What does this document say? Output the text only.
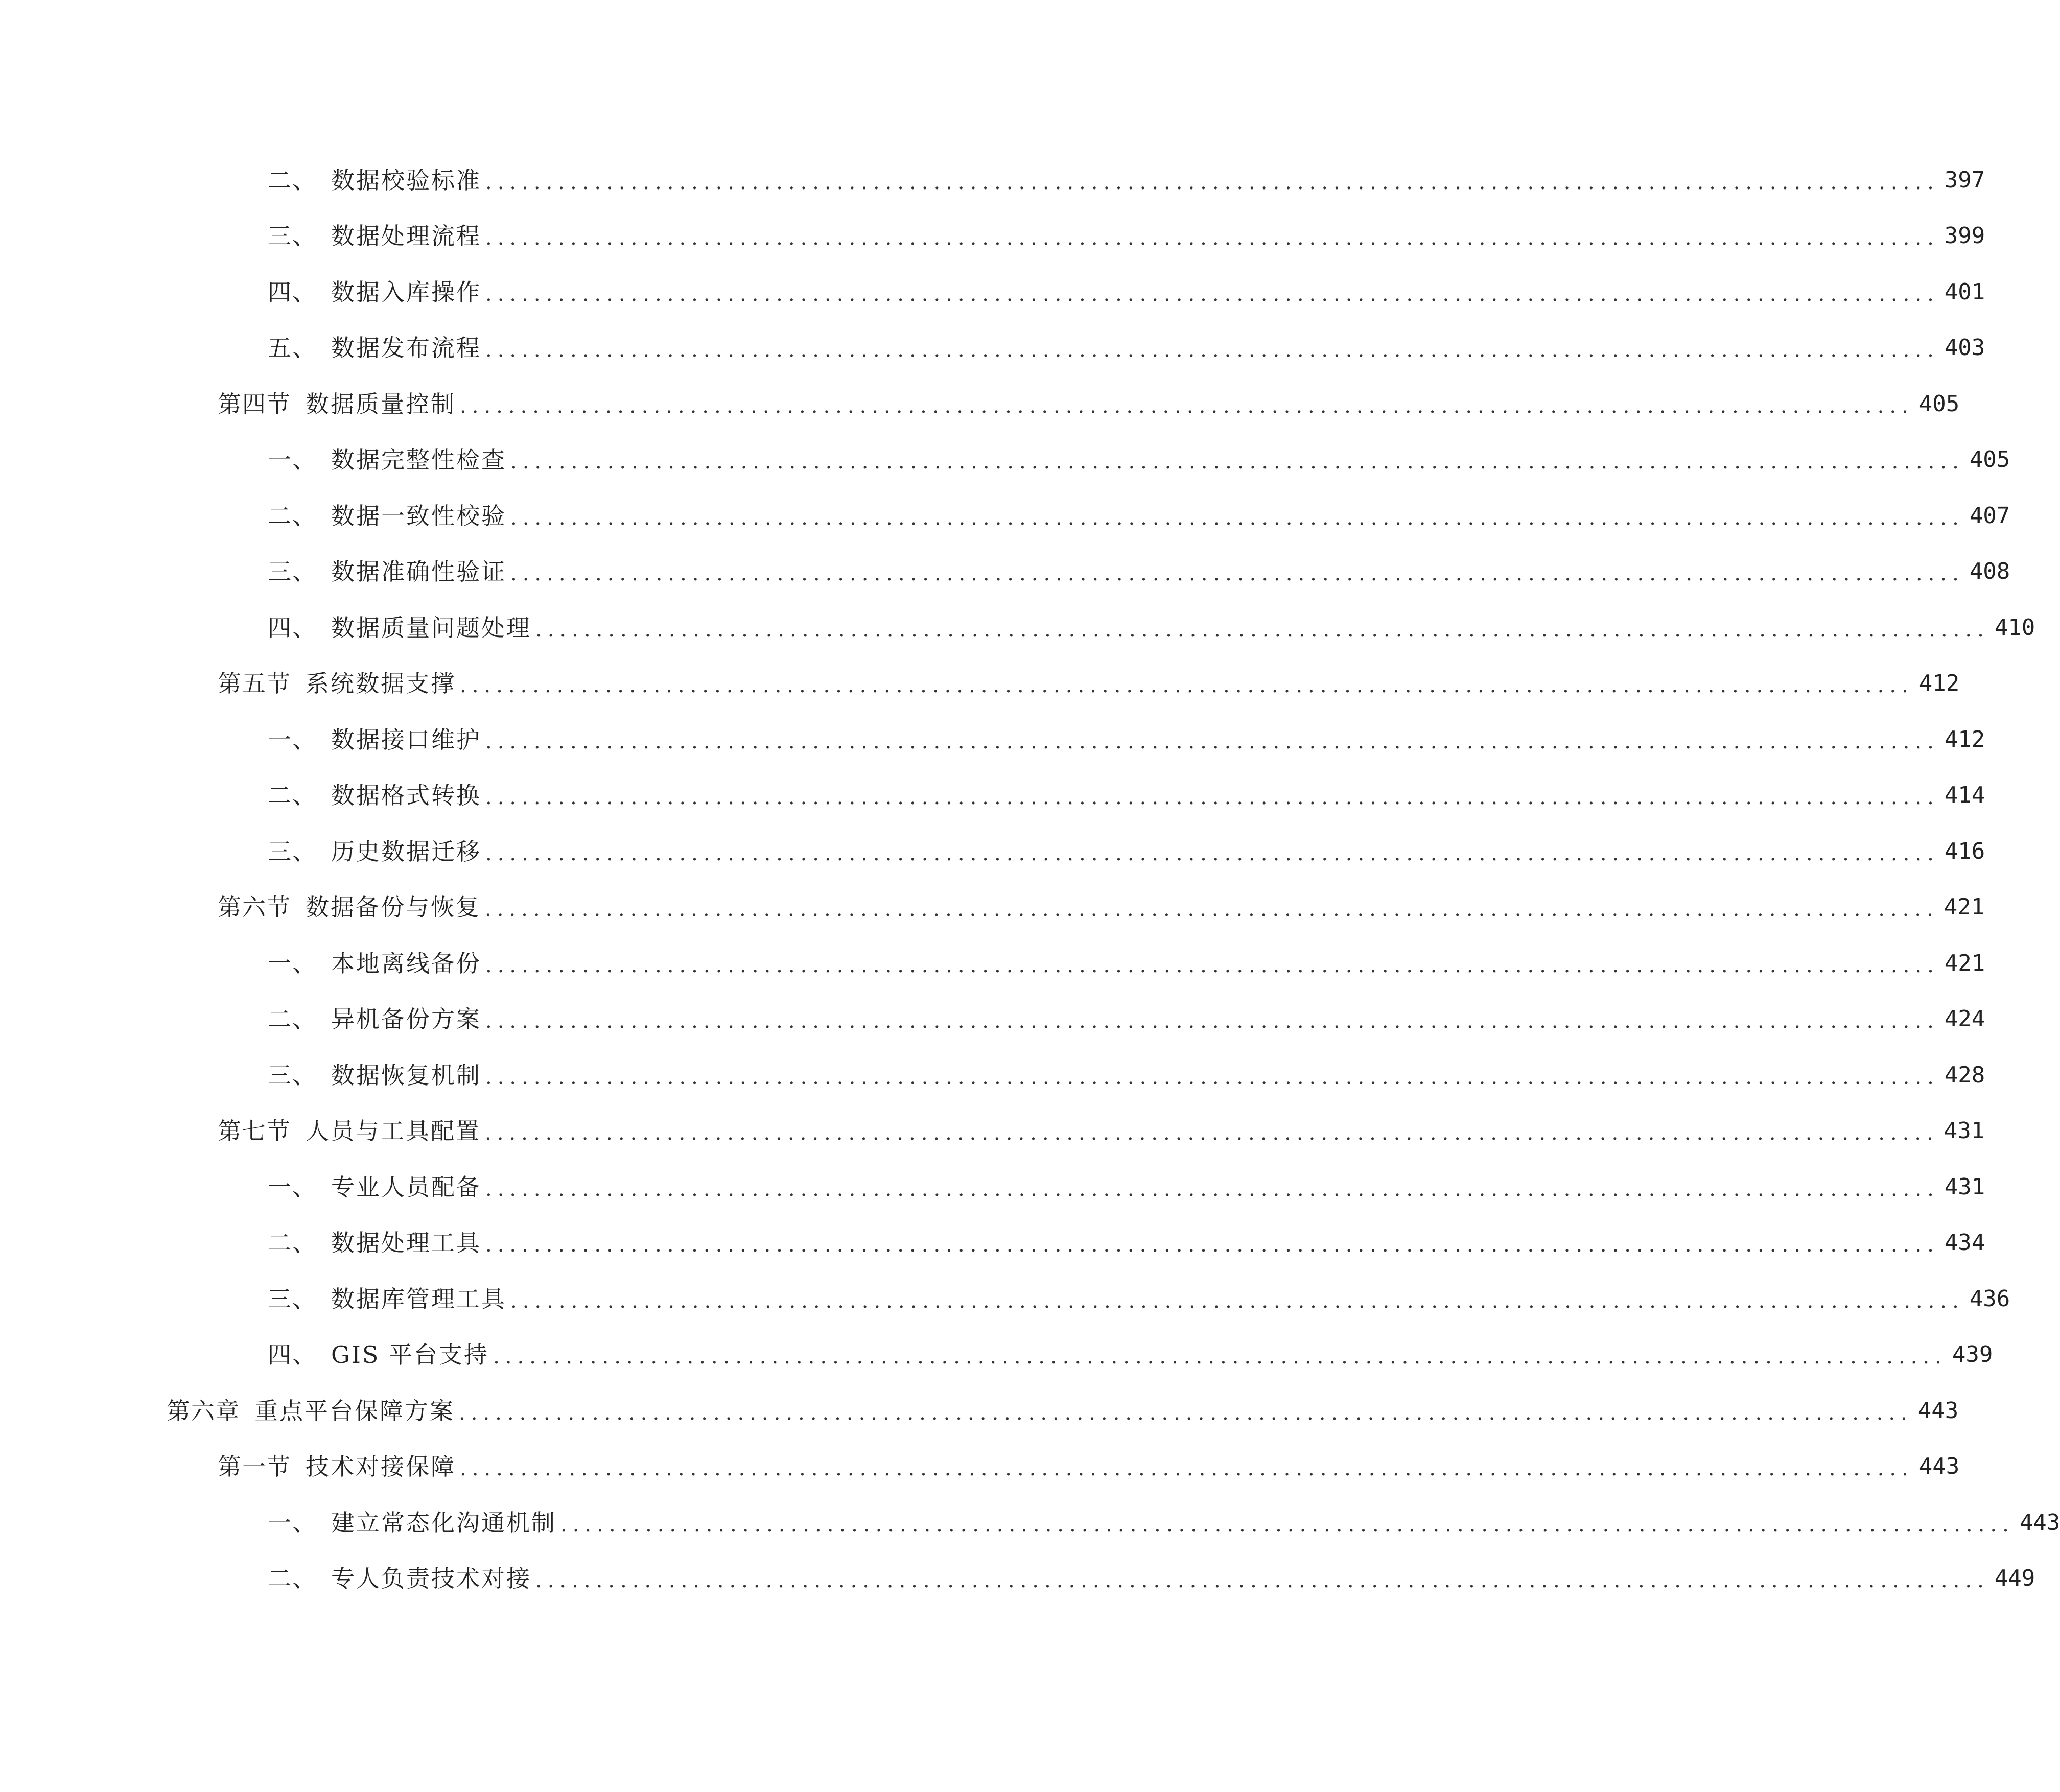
二、 数据校验标准 ........................................................................................................................ 397
三、 数据处理流程 ........................................................................................................................ 399
四、 数据入库操作 ........................................................................................................................ 401
五、 数据发布流程 ........................................................................................................................ 403
第四节 数据质量控制 ........................................................................................................................ 405
一、 数据完整性检查 ........................................................................................................................ 405
二、 数据一致性校验 ........................................................................................................................ 407
三、 数据准确性验证 ........................................................................................................................ 408
四、 数据质量问题处理 ........................................................................................................................ 410
第五节 系统数据支撑 ........................................................................................................................ 412
一、 数据接口维护 ........................................................................................................................ 412
二、 数据格式转换 ........................................................................................................................ 414
三、 历史数据迁移 ........................................................................................................................ 416
第六节 数据备份与恢复 ........................................................................................................................ 421
一、 本地离线备份 ........................................................................................................................ 421
二、 异机备份方案 ........................................................................................................................ 424
三、 数据恢复机制 ........................................................................................................................ 428
第七节 人员与工具配置 ........................................................................................................................ 431
一、 专业人员配备 ........................................................................................................................ 431
二、 数据处理工具 ........................................................................................................................ 434
三、 数据库管理工具 ........................................................................................................................ 436
四、 GIS 平台支持 ........................................................................................................................ 439
第六章 重点平台保障方案 ........................................................................................................................ 443
第一节 技术对接保障 ........................................................................................................................ 443
一、 建立常态化沟通机制 ........................................................................................................................ 443
二、 专人负责技术对接 ........................................................................................................................ 449
